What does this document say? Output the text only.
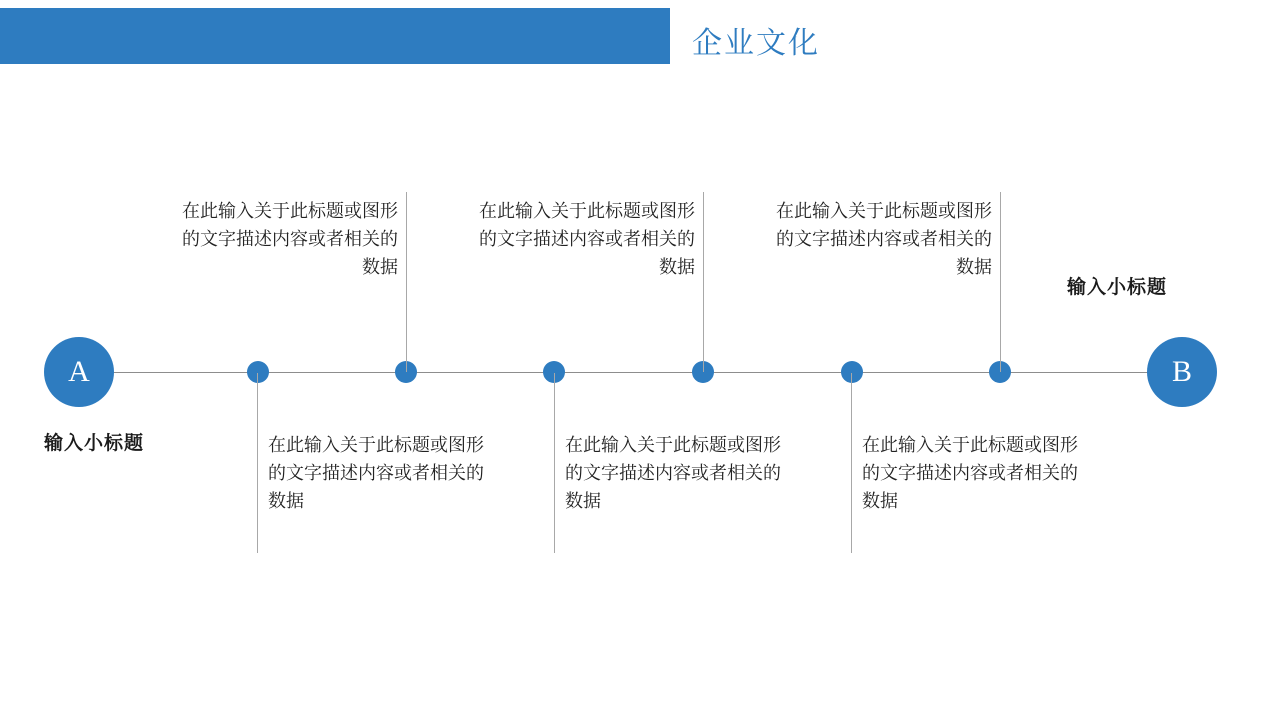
企业文化
A
输入小标题
B
输入小标题
在此输入关于此标题或图形的文字描述内容或者相关的数据
在此输入关于此标题或图形的文字描述内容或者相关的数据
在此输入关于此标题或图形的文字描述内容或者相关的数据
在此输入关于此标题或图形的文字描述内容或者相关的数据
在此输入关于此标题或图形的文字描述内容或者相关的数据
在此输入关于此标题或图形的文字描述内容或者相关的数据
